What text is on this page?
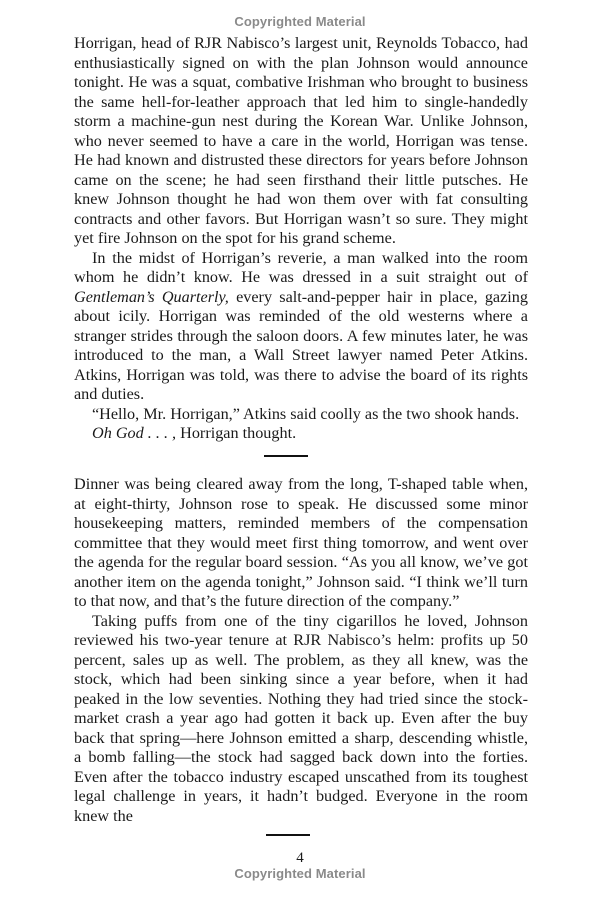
Copyrighted Material

Horrigan, head of RJR Nabisco’s largest unit, Reynolds Tobacco, had enthusiastically signed on with the plan Johnson would announce tonight. He was a squat, combative Irishman who brought to business the same hell-for-leather approach that led him to single-handedly storm a machine-gun nest during the Korean War. Unlike Johnson, who never seemed to have a care in the world, Horrigan was tense. He had known and distrusted these directors for years before Johnson came on the scene; he had seen firsthand their little putsches. He knew Johnson thought he had won them over with fat consulting contracts and other favors. But Horrigan wasn’t so sure. They might yet fire Johnson on the spot for his grand scheme.

In the midst of Horrigan’s reverie, a man walked into the room whom he didn’t know. He was dressed in a suit straight out of Gentleman’s Quarterly, every salt-and-pepper hair in place, gazing about icily. Horrigan was reminded of the old westerns where a stranger strides through the saloon doors. A few minutes later, he was introduced to the man, a Wall Street lawyer named Peter Atkins. Atkins, Horrigan was told, was there to advise the board of its rights and duties.

“Hello, Mr. Horrigan,” Atkins said coolly as the two shook hands.

Oh God . . . , Horrigan thought.

Dinner was being cleared away from the long, T-shaped table when, at eight-thirty, Johnson rose to speak. He discussed some minor housekeeping matters, reminded members of the compensation committee that they would meet first thing tomorrow, and went over the agenda for the regular board session. “As you all know, we’ve got another item on the agenda tonight,” Johnson said. “I think we’ll turn to that now, and that’s the future direction of the company.”

Taking puffs from one of the tiny cigarillos he loved, Johnson reviewed his two-year tenure at RJR Nabisco’s helm: profits up 50 percent, sales up as well. The problem, as they all knew, was the stock, which had been sinking since a year before, when it had peaked in the low seventies. Nothing they had tried since the stock-market crash a year ago had gotten it back up. Even after the buy back that spring—here Johnson emitted a sharp, descending whistle, a bomb falling—the stock had sagged back down into the forties. Even after the tobacco industry escaped unscathed from its toughest legal challenge in years, it hadn’t budged. Everyone in the room knew the

4
Copyrighted Material
